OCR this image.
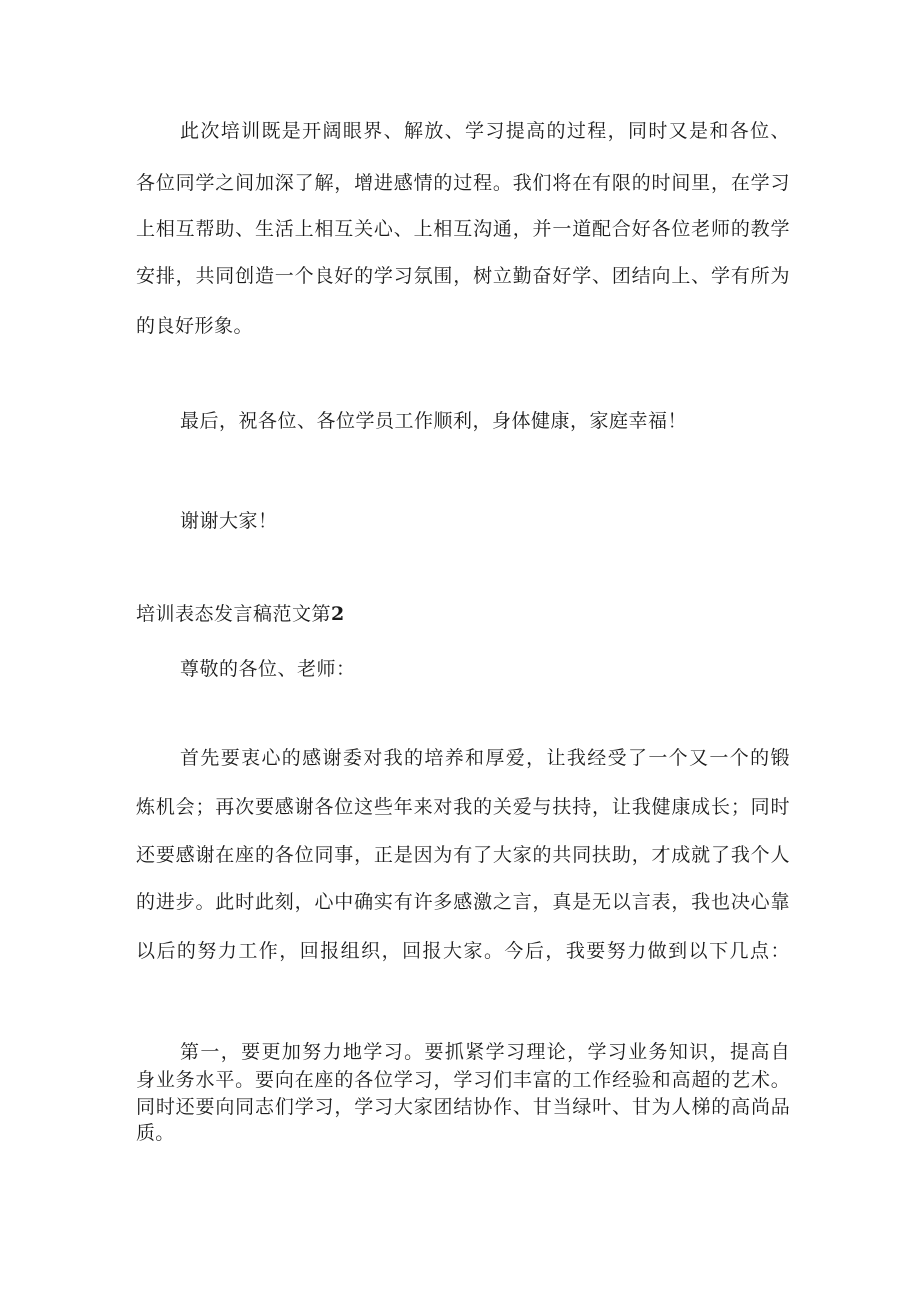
此次培训既是开阔眼界、解放、学习提高的过程，同时又是和各位、
各位同学之间加深了解，增进感情的过程。我们将在有限的时间里，在学习
上相互帮助、生活上相互关心、上相互沟通，并一道配合好各位老师的教学
安排，共同创造一个良好的学习氛围，树立勤奋好学、团结向上、学有所为
的良好形象。
最后，祝各位、各位学员工作顺利，身体健康，家庭幸福！
谢谢大家！
培训表态发言稿范文第2
尊敬的各位、老师：
首先要衷心的感谢委对我的培养和厚爱，让我经受了一个又一个的锻
炼机会；再次要感谢各位这些年来对我的关爱与扶持，让我健康成长；同时
还要感谢在座的各位同事，正是因为有了大家的共同扶助，才成就了我个人
的进步。此时此刻，心中确实有许多感激之言，真是无以言表，我也决心靠
以后的努力工作，回报组织，回报大家。今后，我要努力做到以下几点：
第一，要更加努力地学习。要抓紧学习理论，学习业务知识，提高自
身业务水平。要向在座的各位学习，学习们丰富的工作经验和高超的艺术。
同时还要向同志们学习，学习大家团结协作、甘当绿叶、甘为人梯的高尚品
质。
